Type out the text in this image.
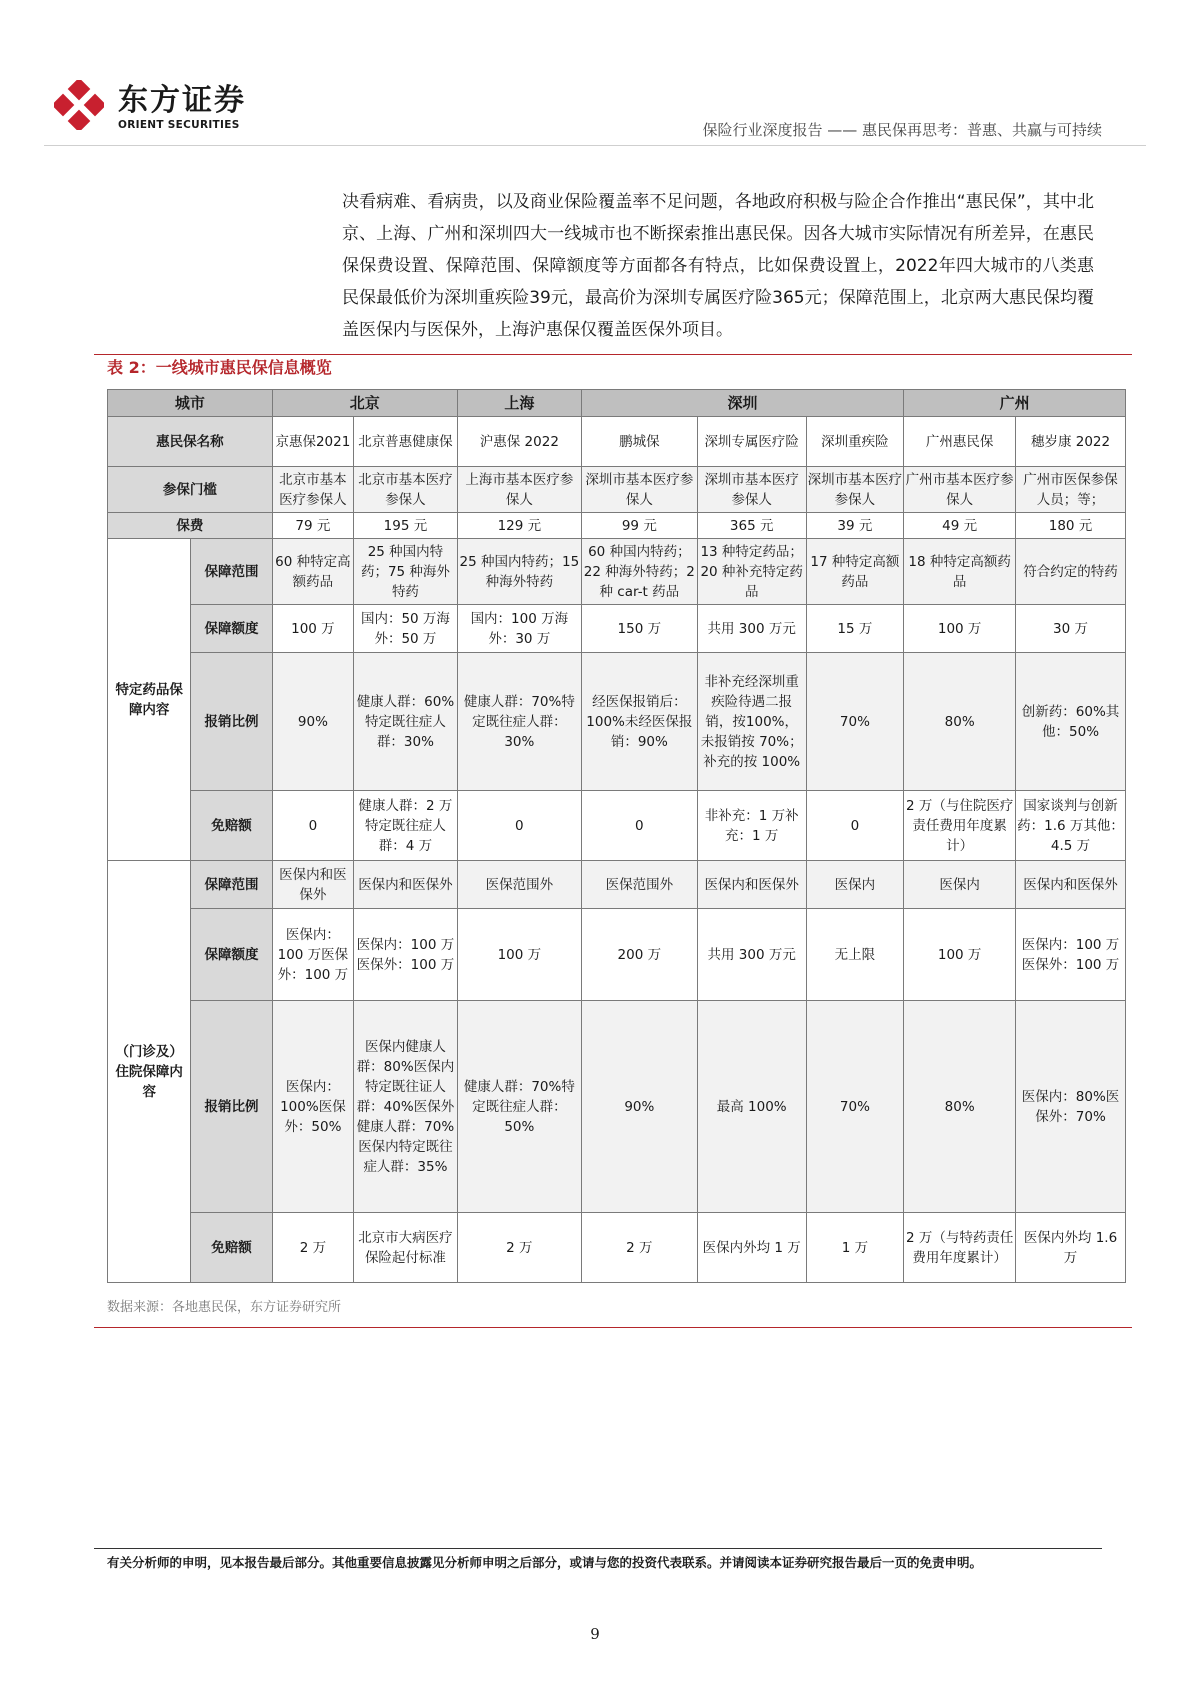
东方证券
ORIENT SECURITIES	保险行业深度报告 —— 惠民保再思考：普惠、共赢与可持续
决看病难、看病贵，以及商业保险覆盖率不足问题，各地政府积极与险企合作推出“惠民保”，其中北京、上海、广州和深圳四大一线城市也不断探索推出惠民保。因各大城市实际情况有所差异，在惠民保保费设置、保障范围、保障额度等方面都各有特点，比如保费设置上，2022年四大城市的八类惠民保最低价为深圳重疾险39元，最高价为深圳专属医疗险365元；保障范围上，北京两大惠民保均覆盖医保内与医保外，上海沪惠保仅覆盖医保外项目。
表 2：一线城市惠民保信息概览
城市		北京		上海	深圳			广州	
惠民保名称		京惠保2021	北京普惠健康保	沪惠保 2022	鹏城保	深圳专属医疗险	深圳重疾险	广州惠民保	穗岁康 2022
参保门槛		北京市基本医疗参保人	北京市基本医疗参保人	上海市基本医疗参保人	深圳市基本医疗参保人	深圳市基本医疗参保人	深圳市基本医疗参保人	广州市基本医疗参保人	广州市医保参保人员；等；
保费		79 元	195 元	129 元	99 元	365 元	39 元	49 元	180 元
特定药品保障内容	保障范围	60 种特定高额药品	25 种国内特药；75 种海外特药	25 种国内特药；15 种海外特药	60 种国内特药；22 种海外特药；2 种 car-t 药品	13 种特定药品；20 种补充特定药品	17 种特定高额药品	18 种特定高额药品	符合约定的特药
	保障额度	100 万	国内：50 万海外：50 万	国内：100 万海外：30 万	150 万	共用 300 万元	15 万	100 万	30 万
	报销比例	90%	健康人群：60%特定既往症人群：30%	健康人群：70%特定既往症人群：30%	经医保报销后：100%未经医保报销：90%	非补充经深圳重疾险待遇二报销，按100%，未报销按 70%；补充的按 100%	70%	80%	创新药：60%其他：50%
	免赔额	0	健康人群：2 万特定既往症人群：4 万	0	0	非补充：1 万补充：1 万	0	2 万（与住院医疗责任费用年度累计）	国家谈判与创新药：1.6 万其他：4.5 万
（门诊及）住院保障内容	保障范围	医保内和医保外	医保内和医保外	医保范围外	医保范围外	医保内和医保外	医保内	医保内	医保内和医保外
	保障额度	医保内：100 万医保外：100 万	医保内：100 万医保外：100 万	100 万	200 万	共用 300 万元	无上限	100 万	医保内：100 万医保外：100 万
	报销比例	医保内：100%医保外：50%	医保内健康人群：80%医保内特定既往证人群：40%医保外健康人群：70%医保内特定既往症人群：35%	健康人群：70%特定既往症人群：50%	90%	最高 100%	70%	80%	医保内：80%医保外：70%
	免赔额	2 万	北京市大病医疗保险起付标准	2 万	2 万	医保内外均 1 万	1 万	2 万（与特药责任费用年度累计）	医保内外均 1.6 万
数据来源：各地惠民保，东方证券研究所
有关分析师的申明，见本报告最后部分。其他重要信息披露见分析师申明之后部分，或请与您的投资代表联系。并请阅读本证券研究报告最后一页的免责申明。
9
